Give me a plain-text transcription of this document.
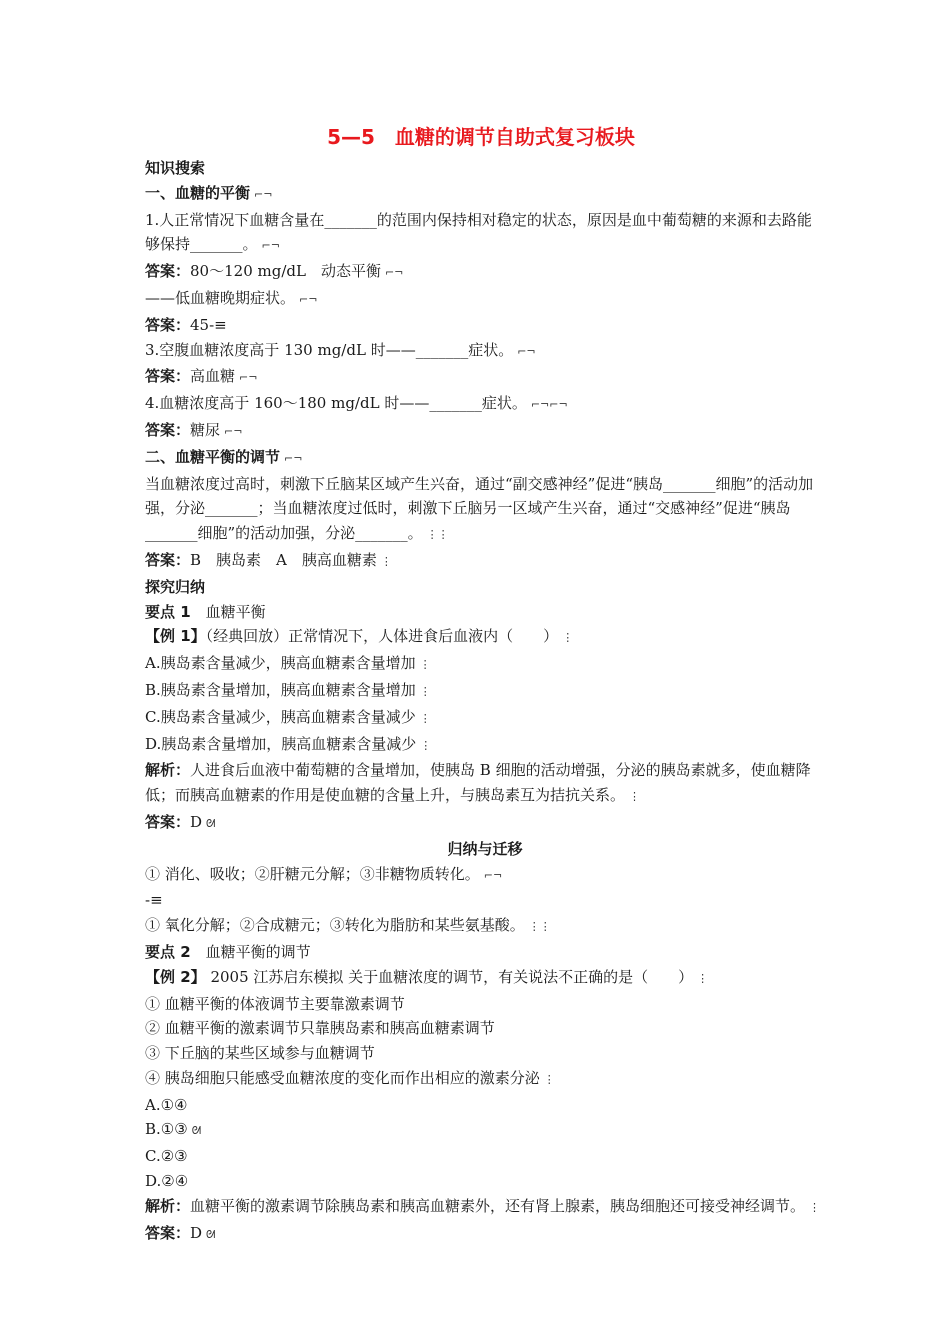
5—5　血糖的调节自助式复习板块
知识搜索
一、血糖的平衡 ⌐¬
1.人正常情况下血糖含量在_______的范围内保持相对稳定的状态，原因是血中葡萄糖的来源和去路能够保持_______。 ⌐¬
答案：80～120 mg/dL　动态平衡 ⌐¬
——低血糖晚期症状。 ⌐¬
答案：45-≡
3.空腹血糖浓度高于 130 mg/dL 时——_______症状。 ⌐¬
答案：高血糖 ⌐¬
4.血糖浓度高于 160～180 mg/dL 时——_______症状。 ⌐¬⌐¬
答案：糖尿 ⌐¬
二、血糖平衡的调节 ⌐¬
当血糖浓度过高时，刺激下丘脑某区域产生兴奋，通过“副交感神经”促进“胰岛_______细胞”的活动加强，分泌_______；当血糖浓度过低时，刺激下丘脑另一区域产生兴奋，通过“交感神经”促进“胰岛_______细胞”的活动加强，分泌_______。 ⋮⋮
答案：B　胰岛素　A　胰高血糖素 ⋮
探究归纳
要点 1　血糖平衡
【例 1】（经典回放）正常情况下，人体进食后血液内（　　） ⋮
A.胰岛素含量减少，胰高血糖素含量增加 ⋮
B.胰岛素含量增加，胰高血糖素含量增加 ⋮
C.胰岛素含量减少，胰高血糖素含量减少 ⋮
D.胰岛素含量增加，胰高血糖素含量减少 ⋮
解析：人进食后血液中葡萄糖的含量增加，使胰岛 B 细胞的活动增强，分泌的胰岛素就多，使血糖降低；而胰高血糖素的作用是使血糖的含量上升，与胰岛素互为拮抗关系。 ⋮
答案：D ᘛ
归纳与迁移
① 消化、吸收；②肝糖元分解；③非糖物质转化。 ⌐¬
-≡
① 氧化分解；②合成糖元；③转化为脂肪和某些氨基酸。 ⋮⋮
要点 2　血糖平衡的调节
【例 2】 2005 江苏启东模拟 关于血糖浓度的调节，有关说法不正确的是（　　） ⋮
① 血糖平衡的体液调节主要靠激素调节
② 血糖平衡的激素调节只靠胰岛素和胰高血糖素调节
③ 下丘脑的某些区域参与血糖调节
④ 胰岛细胞只能感受血糖浓度的变化而作出相应的激素分泌 ⋮
A.①④
B.①③ ᘛ
C.②③
D.②④
解析：血糖平衡的激素调节除胰岛素和胰高血糖素外，还有肾上腺素，胰岛细胞还可接受神经调节。 ⋮
答案：D ᘛ
